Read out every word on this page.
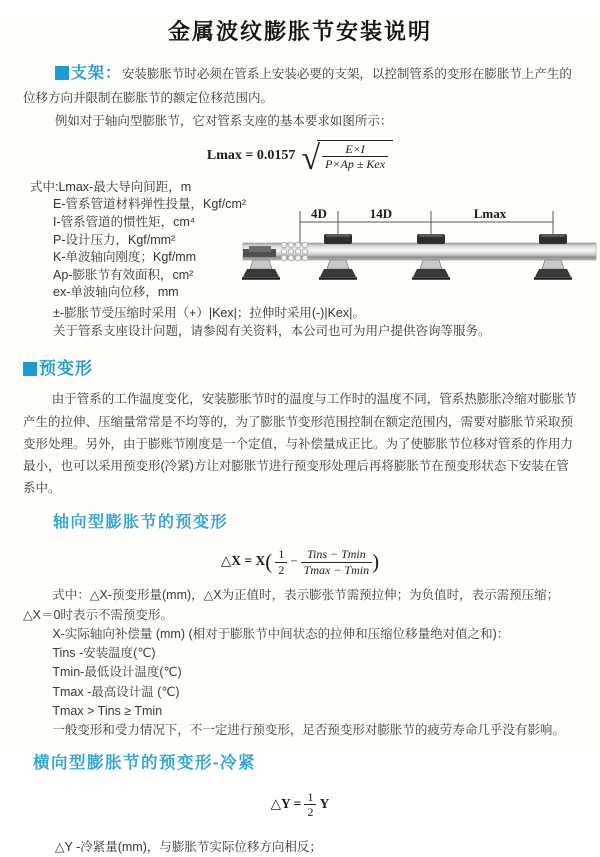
金属波纹膨胀节安装说明

支架：安装膨胀节时必须在管系上安装必要的支架，以控制管系的变形在膨胀节上产生的位移方向并限制在膨胀节的额定位移范围内。

例如对于轴向型膨胀节，它对管系支座的基本要求如图所示：

Lmax = 0.0157 √ $\frac{E\times I}{\text{P×Ap ± Kex}}$
式中:Lmax-最大导向间距，m
E-管系管道材料弹性投量，Kgf/cm²
I-管系管道的惯性矩，cm⁴
P-设计压力，Kgf/mm²
K-单波轴向刚度；Kgf/mm
Ap-膨胀节有效面积，cm²
ex-单波轴向位移，mm
±-膨胀节受压缩时采用（+）|Kex|；拉伸时采用(-)|Kex|。
关于管系支座设计问题，请参阅有关资料，本公司也可为用户提供咨询等服务。
4D	14D	Lmax
预变形

由于管系的工作温度变化，安装膨胀节时的温度与工作时的温度不同，管系热膨胀冷缩对膨胀节产生的拉伸、压缩量常常是不均等的，为了膨胀节变形范围控制在额定范围内，需要对膨胀节采取预变形处理。另外，由于膨账节刚度是一个定值，与补偿量成正比。为了使膨胀节位移对管系的作用力最小，也可以采用预变形(冷紧)方让对膨胀节进行预变形处理后再将膨胀节在预变形状态下安装在管系中。

轴向型膨胀节的预变形
△X = $X( \frac{1}{2} - \frac{\text{Tins − Tmin}}{Tmax - Tmin}$ )
式中：△X-预变形量(mm)，△X为正值时，表示膨张节需预拉伸；为负值时，表示需预压缩；△X＝0时表示不需预变形。
X-实际轴向补偿量 (mm) (相对于膨胀节中间状态的拉伸和压缩位移量绝对值之和)：
Tins -安装温度(℃)
Tmin-最低设计温度(℃)
Tmax -最高设计温 (℃)
Tmax > Tins ≥ Tmin
一般变形和受力情况下，不一定进行预变形，足否预变形对膨胀节的疲劳寿命几乎没有影响。
横向型膨胀节的预变形-冷紧
△Y = $\frac{1}{2}$ Y

△Y -冷紧量(mm)，与膨胀节实际位移方向相反；
